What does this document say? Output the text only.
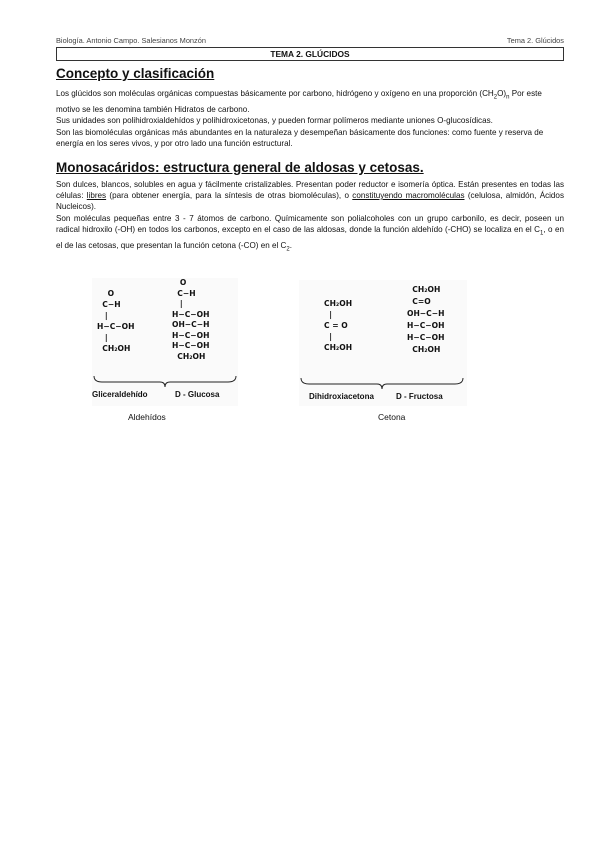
Biología. Antonio Campo. Salesianos Monzón	Tema 2. Glúcidos
TEMA 2. GLÚCIDOS
Concepto y clasificación

Los glúcidos son moléculas orgánicas compuestas básicamente por carbono, hidrógeno y oxígeno en una proporción $(CH_2O)_n$ Por este motivo se les denomina también Hidratos de carbono.

Sus unidades son polihidroxialdehídos y polihidroxicetonas, y pueden formar polímeros mediante uniones O-glucosídicas.

Son las biomoléculas orgánicas más abundantes en la naturaleza y desempeñan básicamente dos funciones: como fuente y reserva de energía en los seres vivos, y por otro lado una función estructural.

Monosacáridos: estructura general de aldosas y cetosas.

Son dulces, blancos, solubles en agua y fácilmente cristalizables. Presentan poder reductor e isomería óptica. Están presentes en todas las células: libres (para obtener energía, para la síntesis de otras biomoléculas), o constituyendo macromoléculas (celulosa, almidón, Ácidos Nucleicos).

Son moléculas pequeñas entre 3 - 7 átomos de carbono. Químicamente son polialcoholes con un grupo carbonilo, es decir, poseen un radical hidroxilo (-OH) en todos los carbonos, excepto en el caso de las aldosas, donde la función aldehído (-CHO) se localiza en el $C_1$, o en el de las cetosas, que presentan la función cetona (-CO) en el $C_2$.

O
C−H
|
H−C−OH
|
CH₂OH
O
C−H
|
H−C−OH
OH−C−H
H−C−OH
H−C−OH
CH₂OH
Gliceraldehído	D - Glucosa
Aldehídos
CH₂OH
|
C = O
|
CH₂OH
CH₂OH
C=O
OH−C−H
H−C−OH
H−C−OH
CH₂OH
Dihidroxiacetona	D - Fructosa
Cetona
